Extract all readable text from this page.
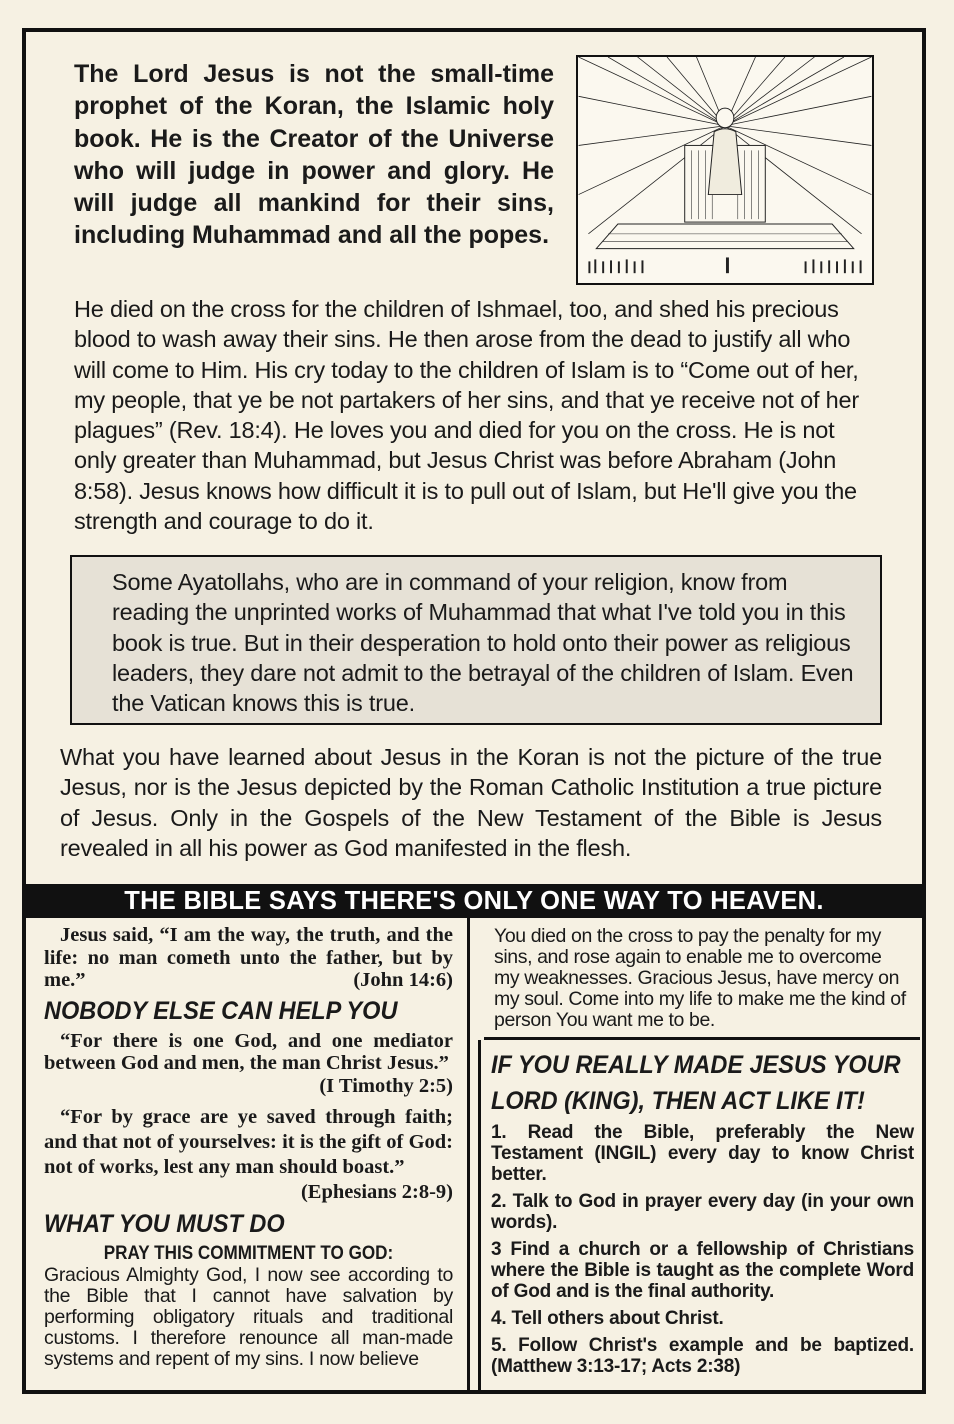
The Lord Jesus is not the small-time prophet of the Koran, the Islamic holy book. He is the Creator of the Universe who will judge in power and glory. He will judge all mankind for their sins, including Muhammad and all the popes.

He died on the cross for the children of Ishmael, too, and shed his precious blood to wash away their sins. He then arose from the dead to justify all who will come to Him. His cry today to the children of Islam is to “Come out of her, my people, that ye be not partakers of her sins, and that ye receive not of her plagues” (Rev. 18:4). He loves you and died for you on the cross. He is not only greater than Muhammad, but Jesus Christ was before Abraham (John 8:58). Jesus knows how difficult it is to pull out of Islam, but He'll give you the strength and courage to do it.

Some Ayatollahs, who are in command of your religion, know from reading the unprinted works of Muhammad that what I've told you in this book is true. But in their desperation to hold onto their power as religious leaders, they dare not admit to the betrayal of the children of Islam. Even the Vatican knows this is true.

What you have learned about Jesus in the Koran is not the picture of the true Jesus, nor is the Jesus depicted by the Roman Catholic Institution a true picture of Jesus. Only in the Gospels of the New Testament of the Bible is Jesus revealed in all his power as God manifested in the flesh.

THE BIBLE SAYS THERE'S ONLY ONE WAY TO HEAVEN.

Jesus said, “I am the way, the truth, and the life: no man cometh unto the father, but by me.”	(John 14:6)

NOBODY ELSE CAN HELP YOU

“For there is one God, and one mediator between God and men, the man Christ Jesus.”
(I Timothy 2:5)

“For by grace are ye saved through faith; and that not of yourselves: it is the gift of God: not of works, lest any man should boast.”
(Ephesians 2:8-9)

WHAT YOU MUST DO
PRAY THIS COMMITMENT TO GOD:

Gracious Almighty God, I now see according to the Bible that I cannot have salvation by performing obligatory rituals and traditional customs. I therefore renounce all man-made systems and repent of my sins. I now believe

You died on the cross to pay the penalty for my sins, and rose again to enable me to overcome my weaknesses. Gracious Jesus, have mercy on my soul. Come into my life to make me the kind of person You want me to be.

IF YOU REALLY MADE JESUS YOUR
LORD (KING), THEN ACT LIKE IT!
1. Read the Bible, preferably the New Testament (INGIL) every day to know Christ better.
2. Talk to God in prayer every day (in your own words).
3 Find a church or a fellowship of Christians where the Bible is taught as the complete Word of God and is the final authority.
4. Tell others about Christ.
5. Follow Christ's example and be baptized. (Matthew 3:13-17; Acts 2:38)
